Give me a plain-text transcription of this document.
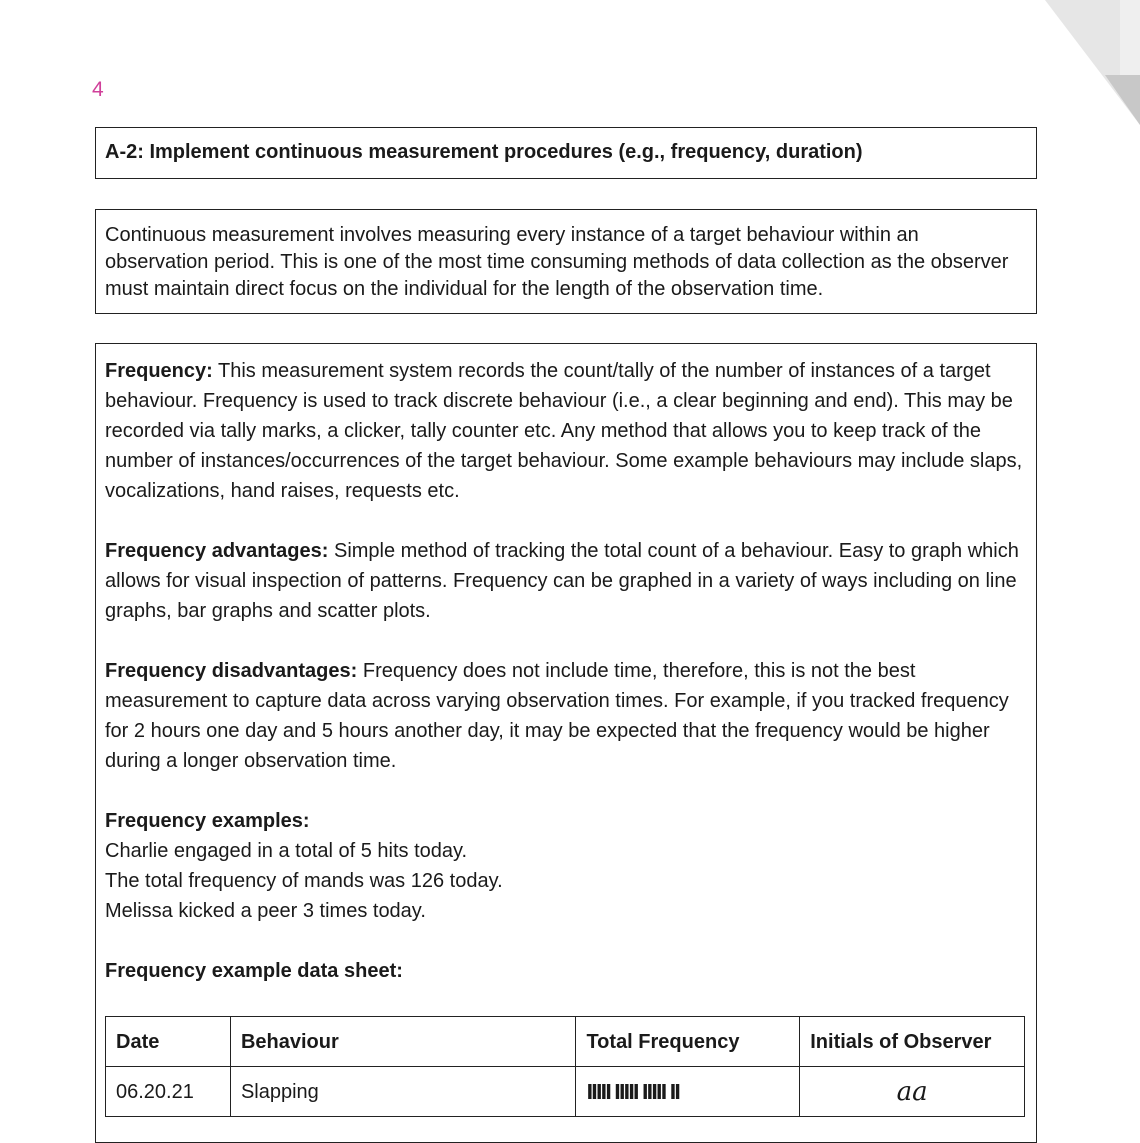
4
A-2: Implement continuous measurement procedures (e.g., frequency, duration)
Continuous measurement involves measuring every instance of a target behaviour within an observation period. This is one of the most time consuming methods of data collection as the observer must maintain direct focus on the individual for the length of the observation time.

Frequency: This measurement system records the count/tally of the number of instances of a target behaviour. Frequency is used to track discrete behaviour (i.e., a clear beginning and end). This may be recorded via tally marks, a clicker, tally counter etc. Any method that allows you to keep track of the number of instances/occurrences of the target behaviour. Some example behaviours may include slaps, vocalizations, hand raises, requests etc.

Frequency advantages: Simple method of tracking the total count of a behaviour. Easy to graph which allows for visual inspection of patterns. Frequency can be graphed in a variety of ways including on line graphs, bar graphs and scatter plots.

Frequency disadvantages: Frequency does not include time, therefore, this is not the best measurement to capture data across varying observation times. For example, if you tracked frequency for 2 hours one day and 5 hours another day, it may be expected that the frequency would be higher during a longer observation time.

Frequency examples:
Charlie engaged in a total of 5 hits today.
The total frequency of mands was 126 today.
Melissa kicked a peer 3 times today.

Frequency example data sheet:
Date	Behaviour	Total Frequency	Initials of Observer
06.20.21	Slapping	IIIII IIIII IIIII II	aa
